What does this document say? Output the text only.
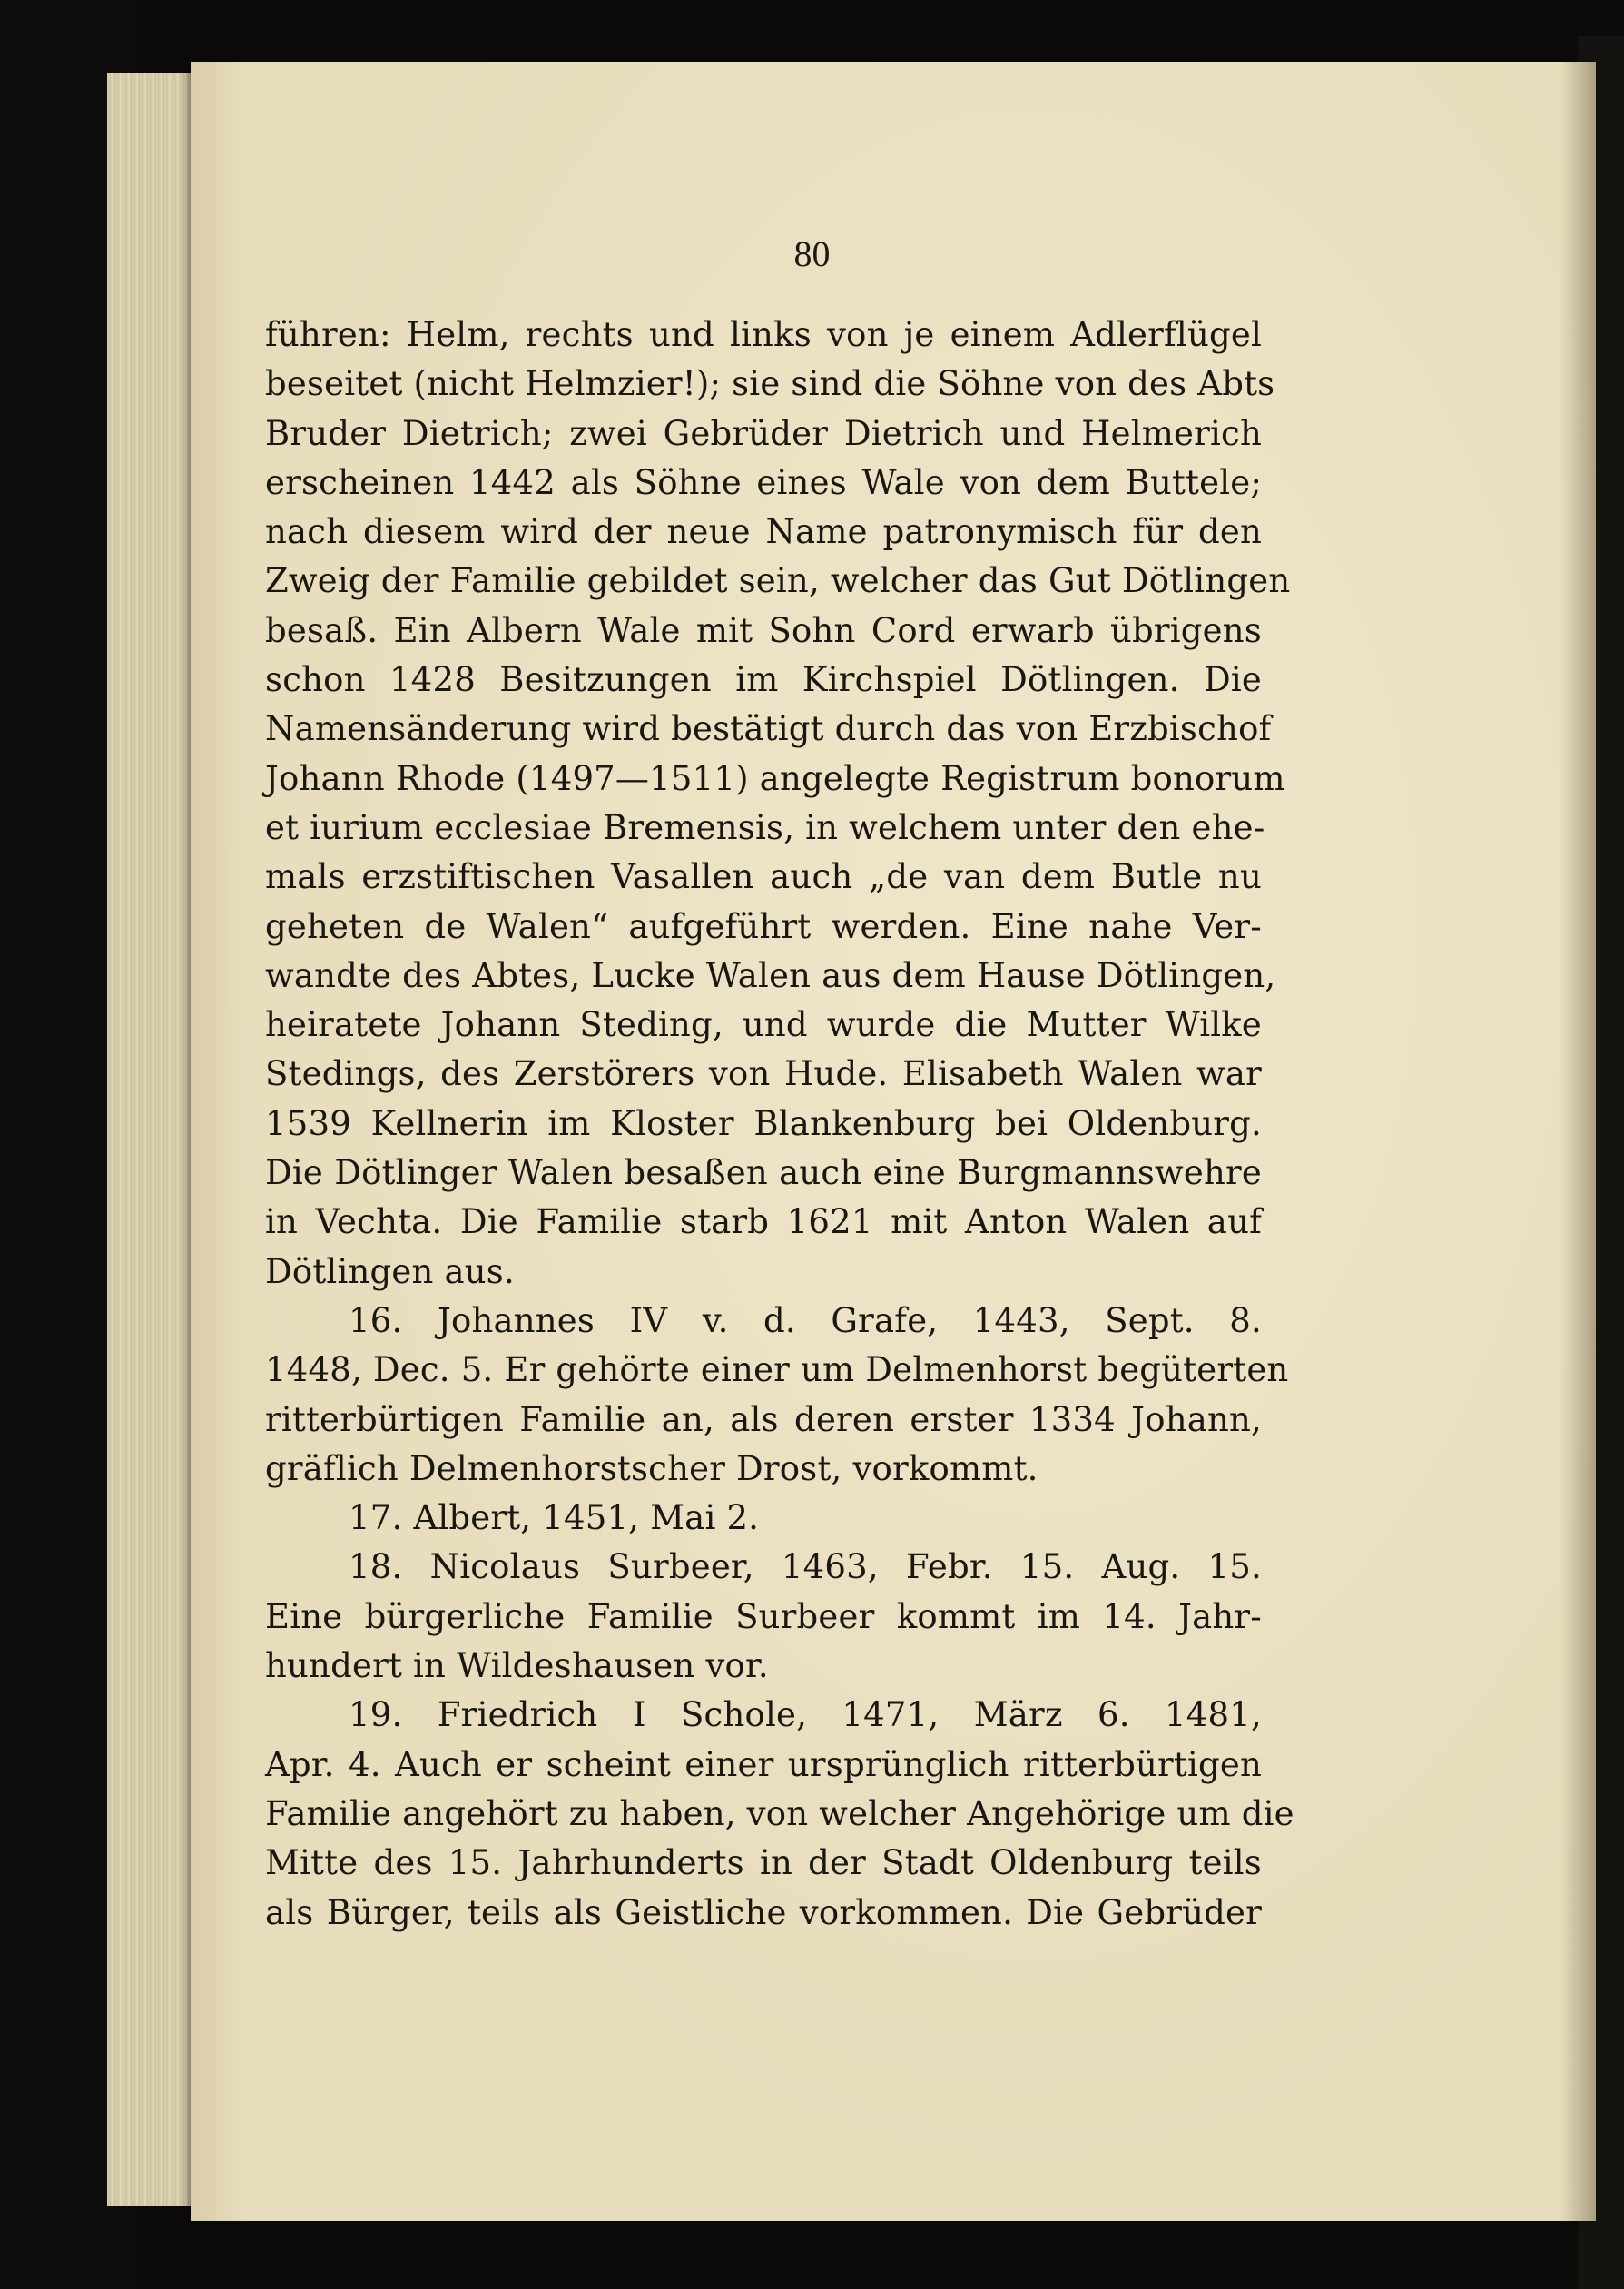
80
führen: Helm, rechts und links von je einem Adlerflügel
beseitet (nicht Helmzier!); sie sind die Söhne von des Abts
Bruder Dietrich; zwei Gebrüder Dietrich und Helmerich
erscheinen 1442 als Söhne eines Wale von dem Buttele;
nach diesem wird der neue Name patronymisch für den
Zweig der Familie gebildet sein, welcher das Gut Dötlingen
besaß. Ein Albern Wale mit Sohn Cord erwarb übrigens
schon 1428 Besitzungen im Kirchspiel Dötlingen. Die
Namensänderung wird bestätigt durch das von Erzbischof
Johann Rhode (1497—1511) angelegte Registrum bonorum
et iurium ecclesiae Bremensis, in welchem unter den ehe-
mals erzstiftischen Vasallen auch „de van dem Butle nu
geheten de Walen“ aufgeführt werden. Eine nahe Ver-
wandte des Abtes, Lucke Walen aus dem Hause Dötlingen,
heiratete Johann Steding, und wurde die Mutter Wilke
Stedings, des Zerstörers von Hude. Elisabeth Walen war
1539 Kellnerin im Kloster Blankenburg bei Oldenburg.
Die Dötlinger Walen besaßen auch eine Burgmannswehre
in Vechta. Die Familie starb 1621 mit Anton Walen auf
Dötlingen aus.
16. Johannes IV v. d. Grafe, 1443, Sept. 8.
1448, Dec. 5. Er gehörte einer um Delmenhorst begüterten
ritterbürtigen Familie an, als deren erster 1334 Johann,
gräflich Delmenhorstscher Drost, vorkommt.
17. Albert, 1451, Mai 2.
18. Nicolaus Surbeer, 1463, Febr. 15. Aug. 15.
Eine bürgerliche Familie Surbeer kommt im 14. Jahr-
hundert in Wildeshausen vor.
19. Friedrich I Schole, 1471, März 6. 1481,
Apr. 4. Auch er scheint einer ursprünglich ritterbürtigen
Familie angehört zu haben, von welcher Angehörige um die
Mitte des 15. Jahrhunderts in der Stadt Oldenburg teils
als Bürger, teils als Geistliche vorkommen. Die Gebrüder
